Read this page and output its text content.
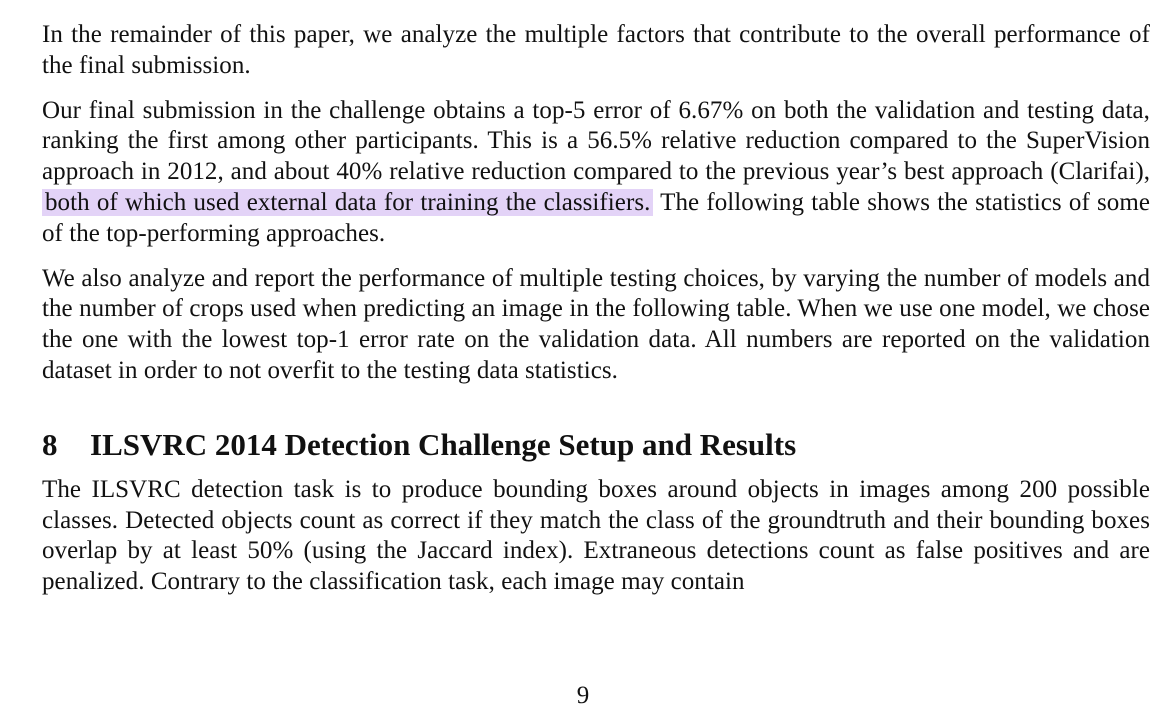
In the remainder of this paper, we analyze the multiple factors that contribute to the overall performance of the final submission.

Our final submission in the challenge obtains a top-5 error of 6.67% on both the validation and testing data, ranking the first among other participants. This is a 56.5% relative reduction compared to the SuperVision approach in 2012, and about 40% relative reduction compared to the previous year’s best approach (Clarifai), both of which used external data for training the classifiers. The following table shows the statistics of some of the top-performing approaches.

We also analyze and report the performance of multiple testing choices, by varying the number of models and the number of crops used when predicting an image in the following table. When we use one model, we chose the one with the lowest top-1 error rate on the validation data. All numbers are reported on the validation dataset in order to not overfit to the testing data statistics.

8 ILSVRC 2014 Detection Challenge Setup and Results

The ILSVRC detection task is to produce bounding boxes around objects in images among 200 possible classes. Detected objects count as correct if they match the class of the groundtruth and their bounding boxes overlap by at least 50% (using the Jaccard index). Extraneous detections count as false positives and are penalized. Contrary to the classification task, each image may contain

9
